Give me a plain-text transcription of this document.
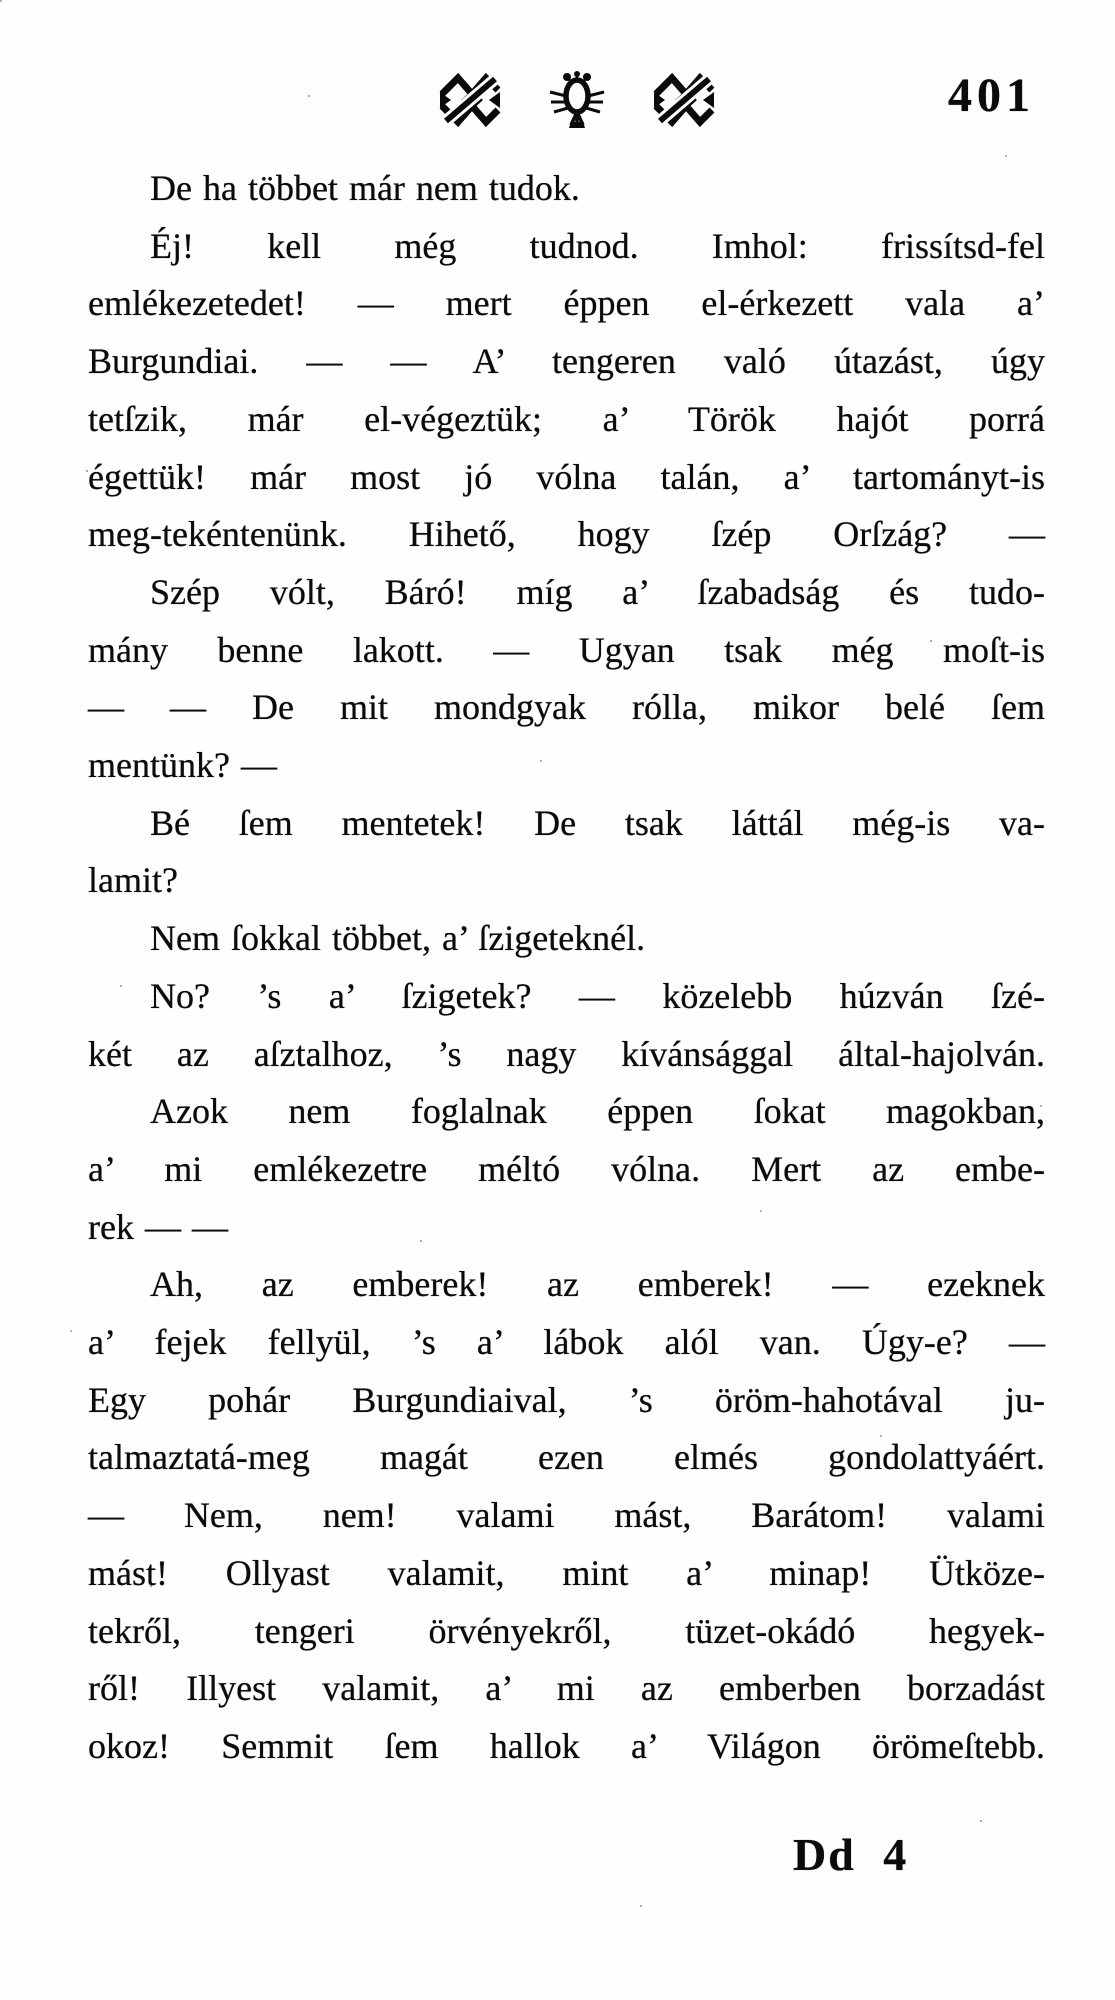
401
De ha többet már nem tudok.
Éj! kell még tudnod. Imhol: frissítsd-fel
emlékezetedet! — mert éppen el-érkezett vala a’
Burgundiai. — — A’ tengeren való útazást, úgy
tetſzik, már el-végeztük; a’ Török hajót porrá
égettük! már most jó vólna talán, a’ tartományt-is
meg-tekéntenünk. Hihető, hogy ſzép Orſzág? —
Szép vólt, Báró! míg a’ ſzabadság és tudo-
mány benne lakott. — Ugyan tsak még moſt-is
— — De mit mondgyak rólla, mikor belé ſem
mentünk? —
Bé ſem mentetek! De tsak láttál még-is va-
lamit?
Nem ſokkal többet, a’ ſzigeteknél.
No? ’s a’ ſzigetek? — közelebb húzván ſzé-
két az aſztalhoz, ’s nagy kívánsággal által-hajolván.
Azok nem foglalnak éppen ſokat magokban,
a’ mi emlékezetre méltó vólna. Mert az embe-
rek — —
Ah, az emberek! az emberek! — ezeknek
a’ fejek fellyül, ’s a’ lábok alól van. Úgy-e? —
Egy pohár Burgundiaival, ’s öröm-hahotával ju-
talmaztatá-meg magát ezen elmés gondolattyáért.
— Nem, nem! valami mást, Barátom! valami
mást! Ollyast valamit, mint a’ minap! Ütköze-
tekről, tengeri örvényekről, tüzet-okádó hegyek-
ről! Illyest valamit, a’ mi az emberben borzadást
okoz! Semmit ſem hallok a’ Világon örömeſtebb.
Dd 4
